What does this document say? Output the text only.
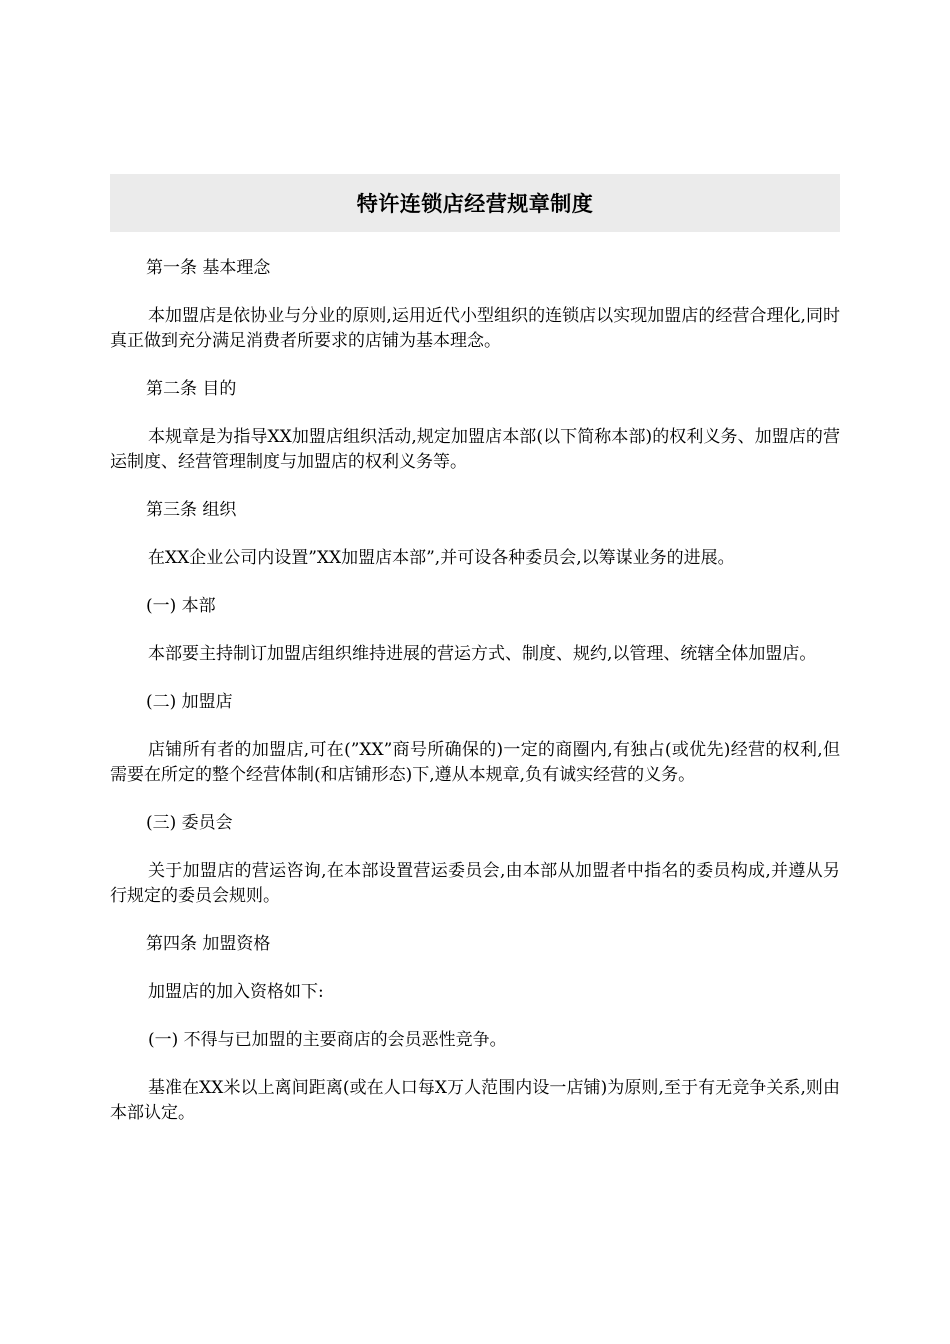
特许连锁店经营规章制度

第一条 基本理念

本加盟店是依协业与分业的原则,运用近代小型组织的连锁店以实现加盟店的经营合理化,同时真正做到充分满足消费者所要求的店铺为基本理念。

第二条 目的

本规章是为指导XX加盟店组织活动,规定加盟店本部(以下简称本部)的权利义务、加盟店的营运制度、经营管理制度与加盟店的权利义务等。

第三条 组织

在XX企业公司内设置”XX加盟店本部”,并可设各种委员会,以筹谋业务的进展。

(一) 本部

本部要主持制订加盟店组织维持进展的营运方式、制度、规约,以管理、统辖全体加盟店。

(二) 加盟店

店铺所有者的加盟店,可在(”XX”商号所确保的)一定的商圈内,有独占(或优先)经营的权利,但需要在所定的整个经营体制(和店铺形态)下,遵从本规章,负有诚实经营的义务。

(三) 委员会

关于加盟店的营运咨询,在本部设置营运委员会,由本部从加盟者中指名的委员构成,并遵从另行规定的委员会规则。

第四条 加盟资格

加盟店的加入资格如下:

(一) 不得与已加盟的主要商店的会员恶性竞争。

基准在XX米以上离间距离(或在人口每X万人范围内设一店铺)为原则,至于有无竞争关系,则由本部认定。
